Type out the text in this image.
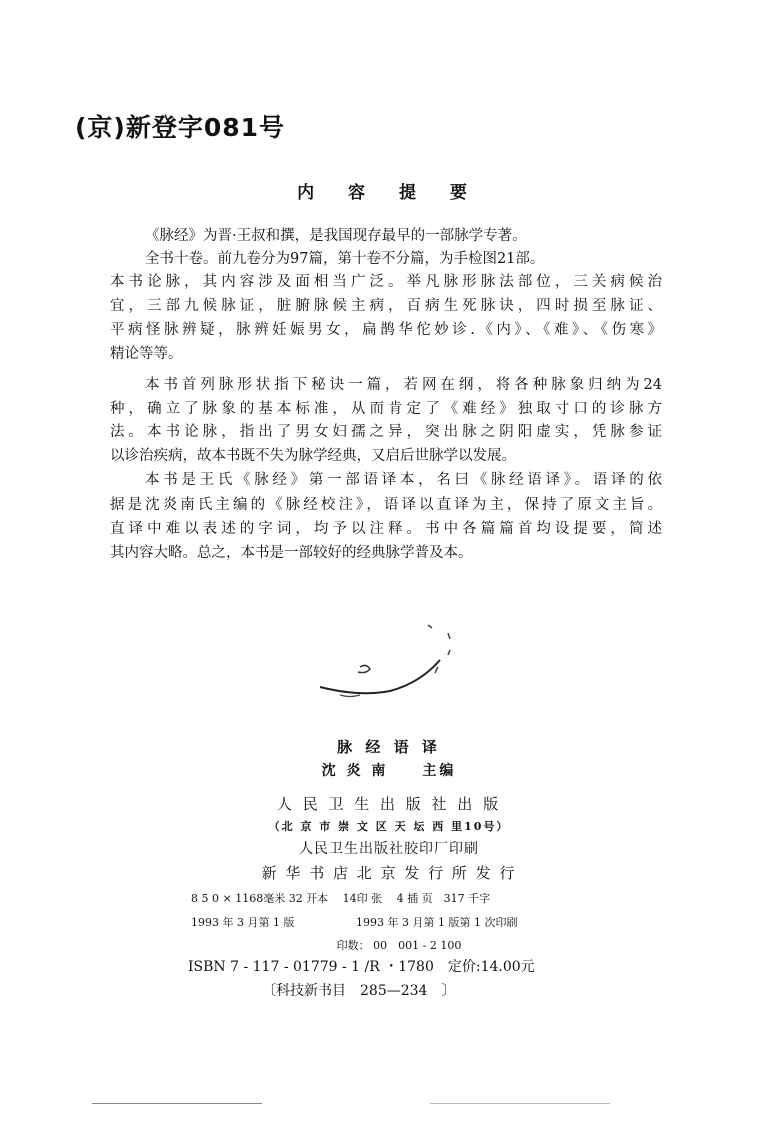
(京)新登字081号
内 容 提 要
《脉经》为晋·王叔和撰，是我国现存最早的一部脉学专著。
全书十卷。前九卷分为97篇，第十卷不分篇，为手检图21部。
本书论脉，其内容涉及面相当广泛。举凡脉形脉法部位，三关病候治
宜，三部九候脉证，脏腑脉候主病，百病生死脉诀，四时损至脉证、
平病怪脉辨疑，脉辨妊娠男女，扁鹊华佗妙诊.《内》、《难》、《伤寒》
精论等等。
本书首列脉形状指下秘诀一篇，若网在纲，将各种脉象归纳为24
种，确立了脉象的基本标准，从而肯定了《难经》独取寸口的诊脉方
法。本书论脉，指出了男女妇孺之异，突出脉之阴阳虚实，凭脉参证
以诊治疾病，故本书既不失为脉学经典，又启后世脉学以发展。
本书是王氏《脉经》第一部语译本，名曰《脉经语译》。语译的依
据是沈炎南氏主编的《脉经校注》，语译以直译为主，保持了原文主旨。
直译中难以表述的字词，均予以注释。书中各篇篇首均设提要，简述
其内容大略。总之，本书是一部较好的经典脉学普及本。
脉 经 语 译
沈 炎 南　　主编
人 民 卫 生 出 版 社 出 版
（北 京 市 崇 文 区 天 坛 西 里10号）
人民卫生出版社胶印厂印刷
新 华 书 店 北 京 发 行 所 发 行
8 5 0 × 1168毫米 32 开本　 14印 张　 4 插 页　317 千字
1993 年 3 月第 1 版	1993 年 3 月第 1 版第 1 次印刷
印数： 00　001 - 2 100
ISBN 7 - 117 - 01779 - 1 /R ・1780　定价:14.00元
〔科技新书目　285—234　〕
